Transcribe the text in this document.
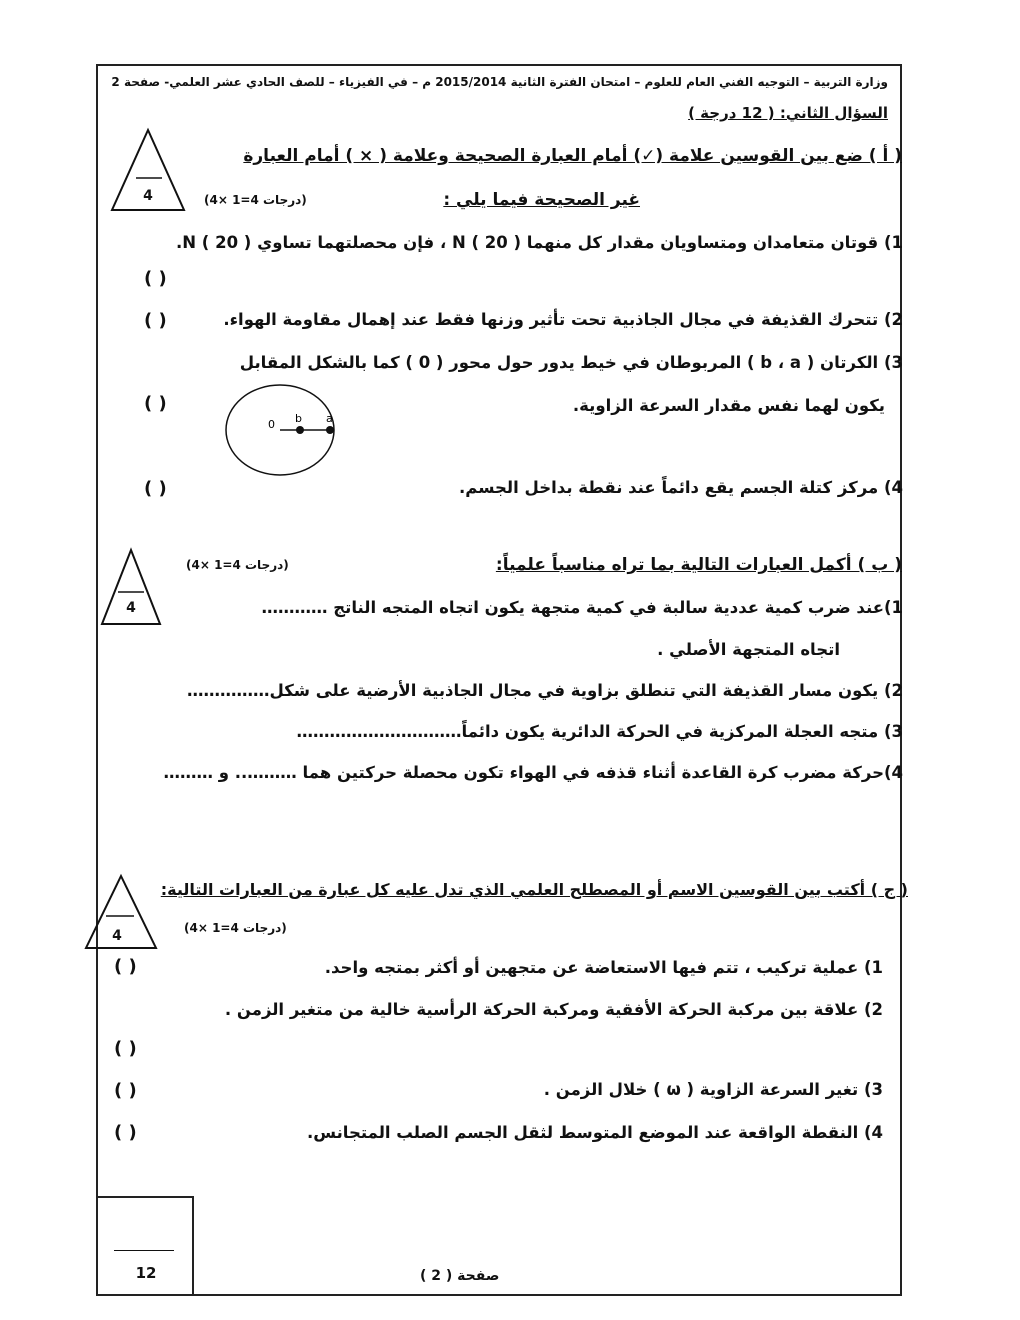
وزارة التربية – التوجيه الفني العام للعلوم – امتحان الفترة الثانية 2015/2014 م – في الفيزياء – للصف الحادي عشر العلمي- صفحة 2
السؤال الثاني: ( 12 درجة )
( أ ) ضع بين القوسين علامة (✓) أمام العبارة الصحيحة وعلامة ( × ) أمام العبارة
غير الصحيحة فيما يلي :
(4× 1=4 درجات)
4
1) قوتان متعامدان ومتساويان مقدار كل منهما N ( 20 ) ، فإن محصلتهما تساوي N ( 20 ).
( )
2) تتحرك القذيفة في مجال الجاذبية تحت تأثير وزنها فقط عند إهمال مقاومة الهواء.
( )
3) الكرتان ( b ، a ) المربوطان في خيط يدور حول محور ( 0 ) كما بالشكل المقابل
يكون لهما نفس مقدار السرعة الزاوية.
( )
0 b a
4) مركز كتلة الجسم يقع دائماً عند نقطة بداخل الجسم.
( )
( ب ) أكمل العبارات التالية بما تراه مناسباً علمياً:
(4× 1=4 درجات)
4	1)عند ضرب كمية عددية سالبة في كمية متجهة يكون اتجاه المتجه الناتج …………
اتجاه المتجهة الأصلي .
2) يكون مسار القذيفة التي تنطلق بزاوية في مجال الجاذبية الأرضية على شكل……………
3) متجه العجلة المركزية في الحركة الدائرية يكون دائماً…………………………
4)حركة مضرب كرة القاعدة أثناء قذفه في الهواء تكون محصلة حركتين هما ……….. و ………
( ج ) أكتب بين القوسين الاسم أو المصطلح العلمي الذي تدل عليه كل عبارة من العبارات التالية:
(4× 1=4 درجات)
4
1) عملية تركيب ، تتم فيها الاستعاضة عن متجهين أو أكثر بمتجه واحد.
( )
2) علاقة بين مركبة الحركة الأفقية ومركبة الحركة الرأسية خالية من متغير الزمن .
( )
3) تغير السرعة الزاوية ( ω ) خلال الزمن .
( )
4) النقطة الواقعة عند الموضع المتوسط لثقل الجسم الصلب المتجانس.
( )
12	صفحة ( 2 )
